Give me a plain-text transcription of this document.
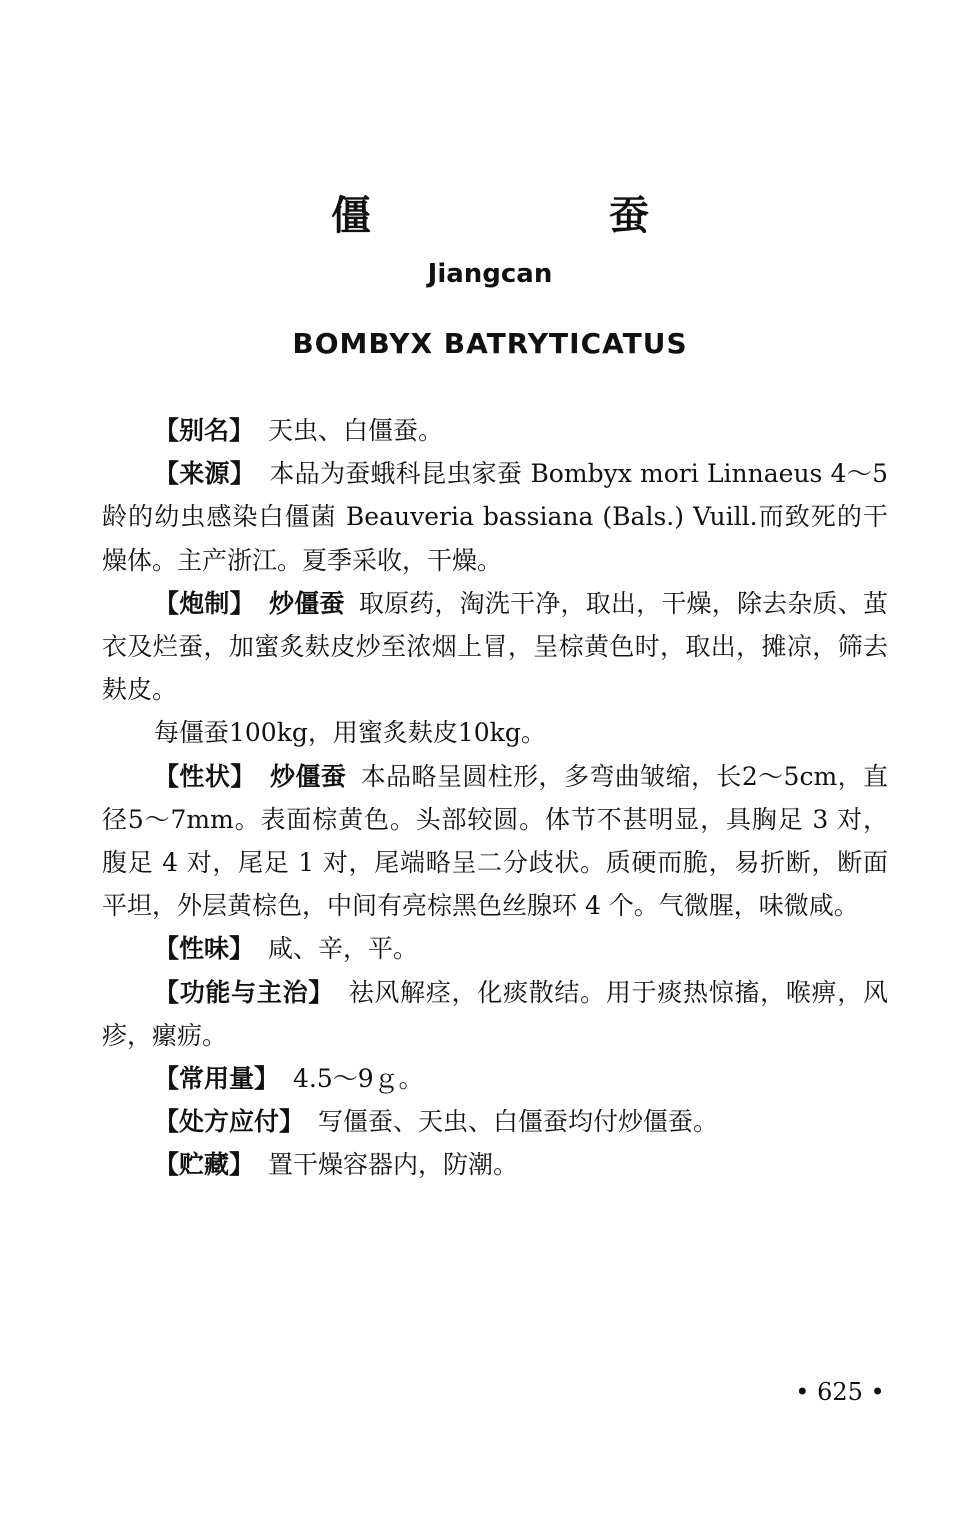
僵 蚕
Jiangcan
BOMBYX BATRYTICATUS

【别名】 天虫、白僵蚕。

【来源】 本品为蚕蛾科昆虫家蚕 Bombyx mori Linnaeus 4～5 龄的幼虫感染白僵菌 Beauveria bassiana (Bals.) Vuill.而致死的干燥体。主产浙江。夏季采收，干燥。

【炮制】 炒僵蚕 取原药，淘洗干净，取出，干燥，除去杂质、茧衣及烂蚕，加蜜炙麸皮炒至浓烟上冒，呈棕黄色时，取出，摊凉，筛去麸皮。

每僵蚕100kg，用蜜炙麸皮10kg。

【性状】 炒僵蚕 本品略呈圆柱形，多弯曲皱缩，长2～5cm，直径5～7mm。表面棕黄色。头部较圆。体节不甚明显，具胸足 3 对，腹足 4 对，尾足 1 对，尾端略呈二分歧状。质硬而脆，易折断，断面平坦，外层黄棕色，中间有亮棕黑色丝腺环 4 个。气微腥，味微咸。

【性味】 咸、辛，平。

【功能与主治】 祛风解痉，化痰散结。用于痰热惊搐，喉痹，风疹，瘰疬。

【常用量】 4.5～9ｇ。

【处方应付】 写僵蚕、天虫、白僵蚕均付炒僵蚕。

【贮藏】 置干燥容器内，防潮。

• 625 •
